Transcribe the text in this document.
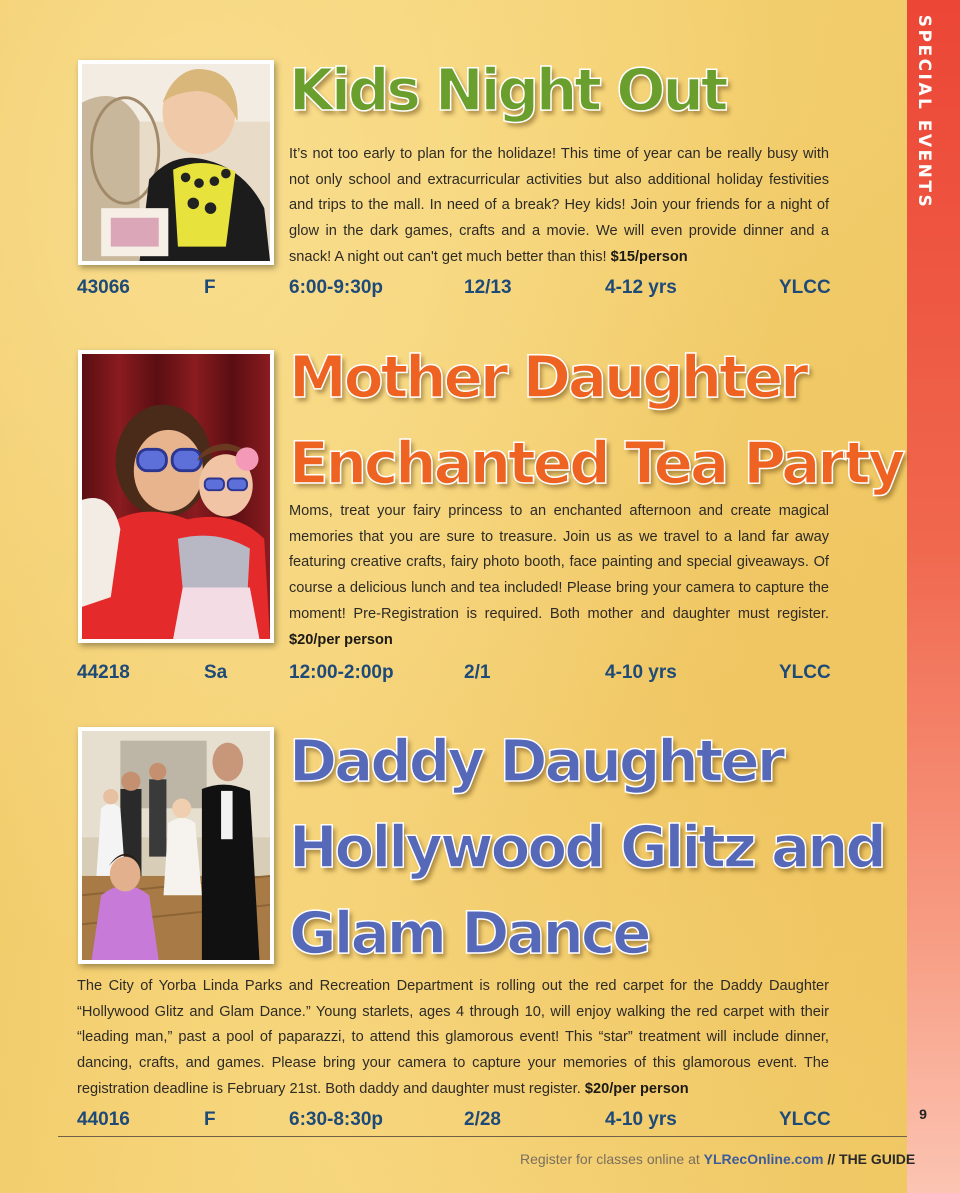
SPECIAL EVENTS
9
Kids Night Out
It’s not too early to plan for the holidaze! This time of year can be really busy with not only school and extracurricular activities but also additional holiday festivities and trips to the mall. In need of a break? Hey kids! Join your friends for a night of glow in the dark games, crafts and a movie. We will even provide dinner and a snack! A night out can't get much better than this! $15/person
43066	F	6:00-9:30p	12/13	4-12 yrs	YLCC
Mother Daughter
Enchanted Tea Party
Moms, treat your fairy princess to an enchanted afternoon and create magical memories that you are sure to treasure. Join us as we travel to a land far away featuring creative crafts, fairy photo booth, face painting and special giveaways. Of course a delicious lunch and tea included! Please bring your camera to capture the moment! Pre-Registration is required. Both mother and daughter must register. $20/per person
44218	Sa	12:00-2:00p	2/1	4-10 yrs	YLCC
Daddy Daughter
Hollywood Glitz and
Glam Dance
The City of Yorba Linda Parks and Recreation Department is rolling out the red carpet for the Daddy Daughter “Hollywood Glitz and Glam Dance.” Young starlets, ages 4 through 10, will enjoy walking the red carpet with their “leading man,” past a pool of paparazzi, to attend this glamorous event! This “star” treatment will include dinner, dancing, crafts, and games. Please bring your camera to capture your memories of this glamorous event. The registration deadline is February 21st. Both daddy and daughter must register. $20/per person
44016	F	6:30-8:30p	2/28	4-10 yrs	YLCC
Register for classes online at YLRecOnline.com // THE GUIDE
